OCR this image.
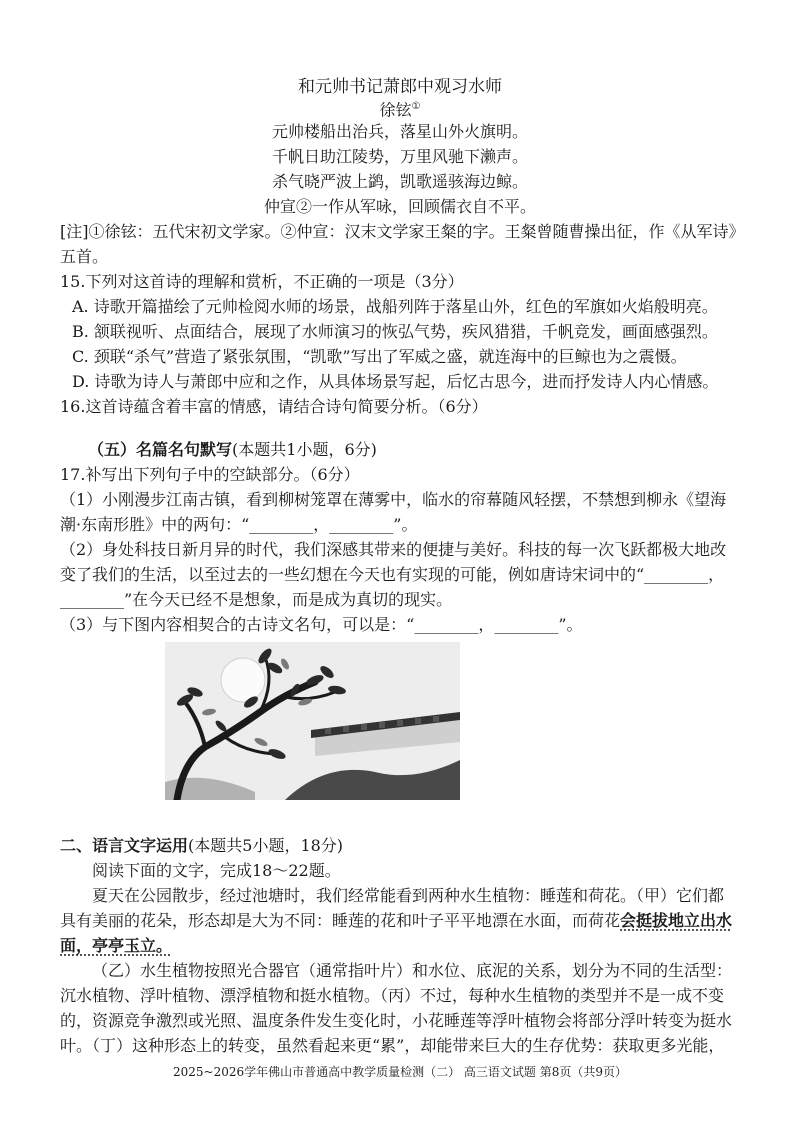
和元帅书记萧郎中观习水师
徐铉①
元帅楼船出治兵，落星山外火旗明。
千帆日助江陵势，万里风驰下濑声。
杀气晓严波上鹢，凯歌遥骇海边鲸。
仲宣②一作从军咏，回顾儒衣自不平。
[注]①徐铉：五代宋初文学家。②仲宣：汉末文学家王粲的字。王粲曾随曹操出征，作《从军诗》
五首。
15.下列对这首诗的理解和赏析，不正确的一项是（3分）
A. 诗歌开篇描绘了元帅检阅水师的场景，战船列阵于落星山外，红色的军旗如火焰般明亮。
B. 颔联视听、点面结合，展现了水师演习的恢弘气势，疾风猎猎，千帆竞发，画面感强烈。
C. 颈联“杀气”营造了紧张氛围，“凯歌”写出了军威之盛，就连海中的巨鲸也为之震慑。
D. 诗歌为诗人与萧郎中应和之作，从具体场景写起，后忆古思今，进而抒发诗人内心情感。
16.这首诗蕴含着丰富的情感，请结合诗句简要分析。（6分）
（五）名篇名句默写(本题共1小题，6分)
17.补写出下列句子中的空缺部分。（6分）
（1）小刚漫步江南古镇，看到柳树笼罩在薄雾中，临水的帘幕随风轻摆，不禁想到柳永《望海
潮·东南形胜》中的两句：“________，________”。
（2）身处科技日新月异的时代，我们深感其带来的便捷与美好。科技的每一次飞跃都极大地改
变了我们的生活，以至过去的一些幻想在今天也有实现的可能，例如唐诗宋词中的“________，
________”在今天已经不是想象，而是成为真切的现实。
（3）与下图内容相契合的古诗文名句，可以是：“________，________”。
二、语言文字运用(本题共5小题，18分)
阅读下面的文字，完成18～22题。
夏天在公园散步，经过池塘时，我们经常能看到两种水生植物：睡莲和荷花。（甲）它们都
具有美丽的花朵，形态却是大为不同：睡莲的花和叶子平平地漂在水面，而荷花会挺拔地立出水
面，亭亭玉立。
（乙）水生植物按照光合器官（通常指叶片）和水位、底泥的关系，划分为不同的生活型：
沉水植物、浮叶植物、漂浮植物和挺水植物。（丙）不过，每种水生植物的类型并不是一成不变
的，资源竞争激烈或光照、温度条件发生变化时，小花睡莲等浮叶植物会将部分浮叶转变为挺水
叶。（丁）这种形态上的转变，虽然看起来更“累”，却能带来巨大的生存优势：获取更多光能，
2025~2026学年佛山市普通高中教学质量检测（二） 高三语文试题 第8页（共9页）
